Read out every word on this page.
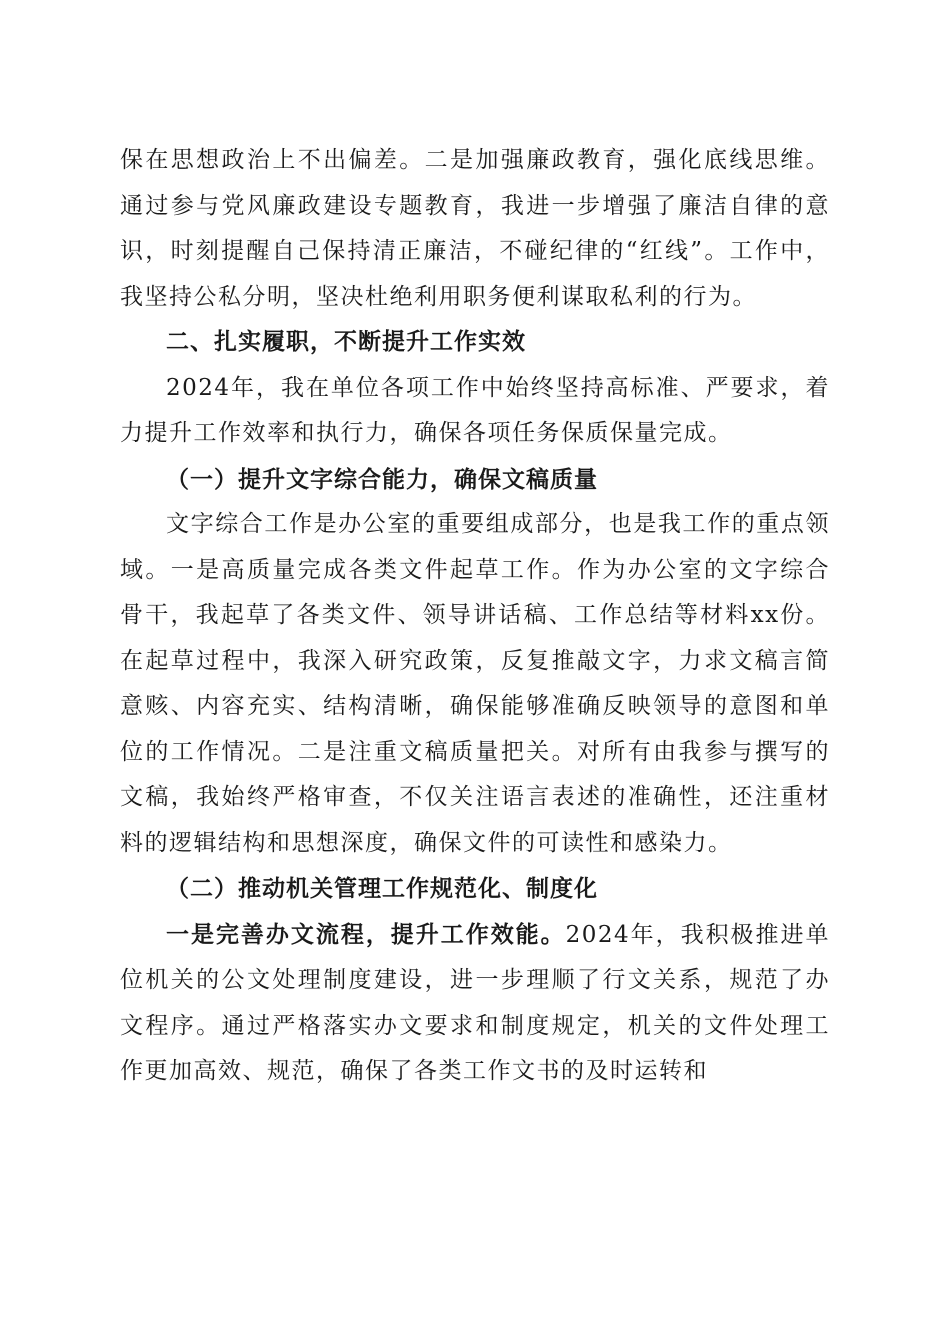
保在思想政治上不出偏差。二是加强廉政教育，强化底线思维。通过参与党风廉政建设专题教育，我进一步增强了廉洁自律的意识，时刻提醒自己保持清正廉洁，不碰纪律的“红线”。工作中，我坚持公私分明，坚决杜绝利用职务便利谋取私利的行为。

二、扎实履职，不断提升工作实效

2024年，我在单位各项工作中始终坚持高标准、严要求，着力提升工作效率和执行力，确保各项任务保质保量完成。

（一）提升文字综合能力，确保文稿质量

文字综合工作是办公室的重要组成部分，也是我工作的重点领域。一是高质量完成各类文件起草工作。作为办公室的文字综合骨干，我起草了各类文件、领导讲话稿、工作总结等材料xx份。在起草过程中，我深入研究政策，反复推敲文字，力求文稿言简意赅、内容充实、结构清晰，确保能够准确反映领导的意图和单位的工作情况。二是注重文稿质量把关。对所有由我参与撰写的文稿，我始终严格审查，不仅关注语言表述的准确性，还注重材料的逻辑结构和思想深度，确保文件的可读性和感染力。

（二）推动机关管理工作规范化、制度化

一是完善办文流程，提升工作效能。2024年，我积极推进单位机关的公文处理制度建设，进一步理顺了行文关系，规范了办文程序。通过严格落实办文要求和制度规定，机关的文件处理工作更加高效、规范，确保了各类工作文书的及时运转和
